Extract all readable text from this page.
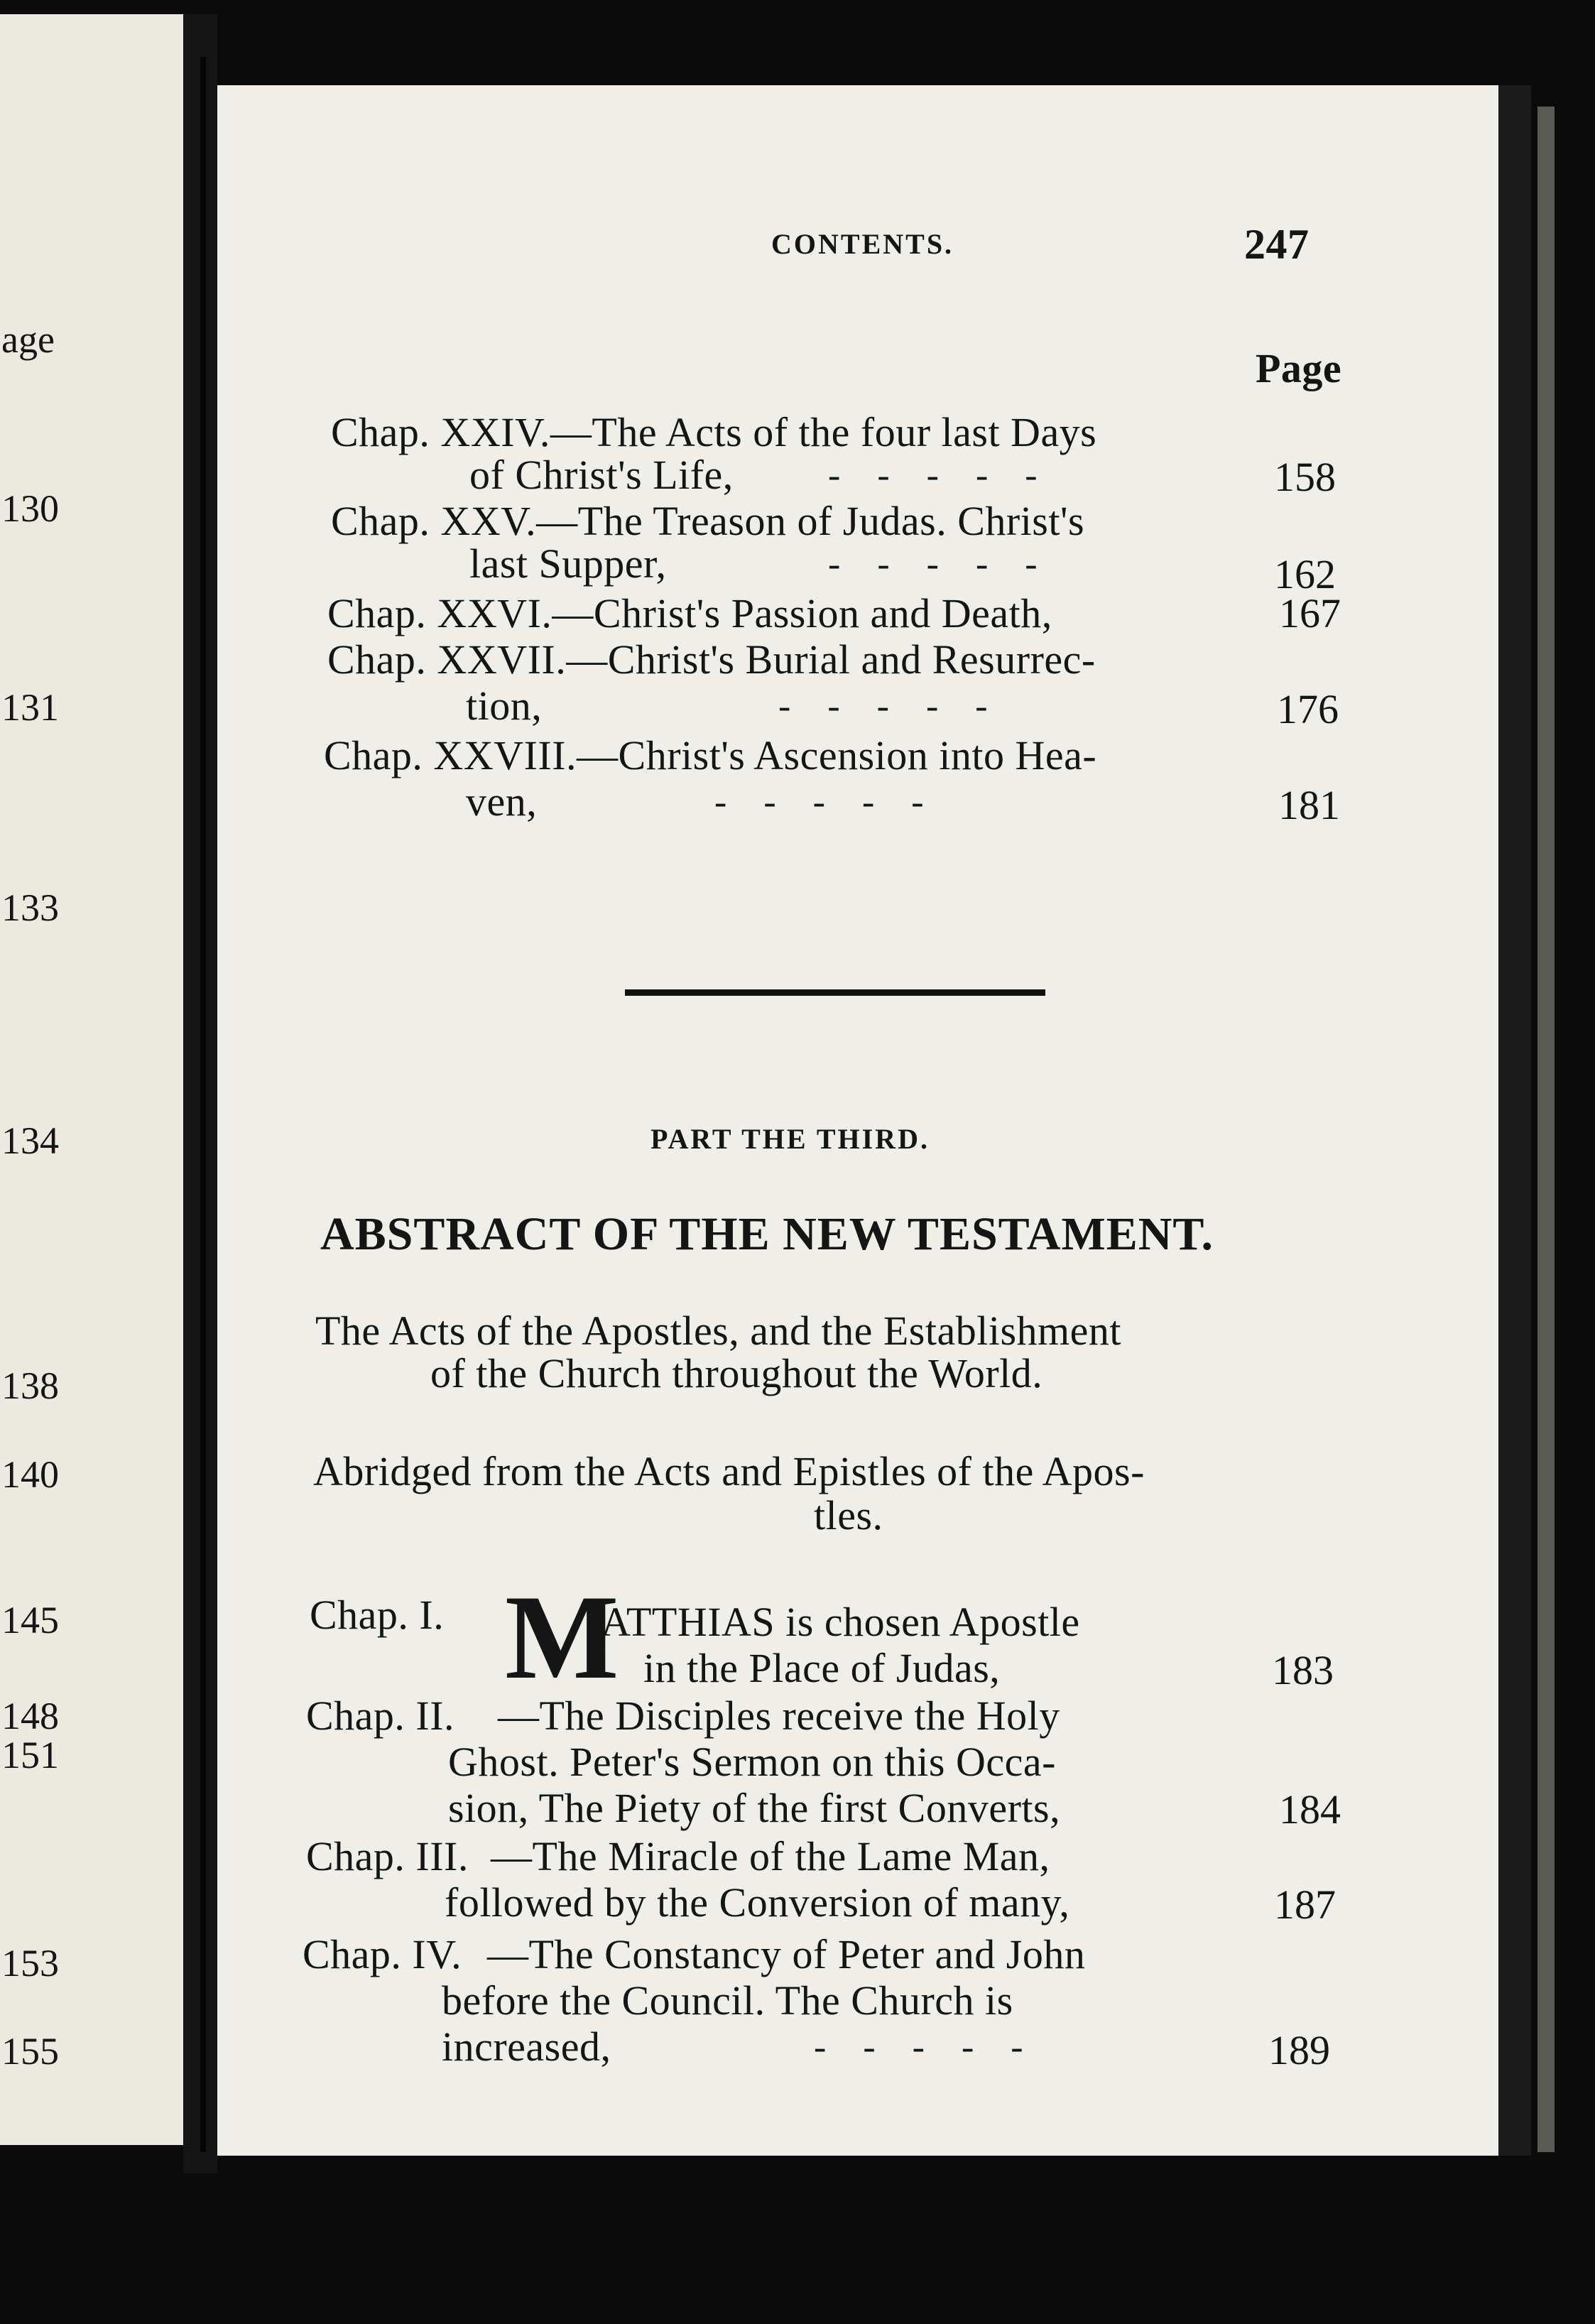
age
130
131
133
134
138
140
145
148
151
153
155
CONTENTS.	247
Page
Chap. XXIV.—The Acts of the four last Days
of Christ's Life,	-    -    -    -    -	158
Chap. XXV.—The Treason of Judas. Christ's
last Supper,	-    -    -    -    -	162
Chap. XXVI.—Christ's Passion and Death,	167
Chap. XXVII.—Christ's Burial and Resurrec-
tion,	-    -    -    -    -	176
Chap. XXVIII.—Christ's Ascension into Hea-
ven,	-    -    -    -    -	181
PART THE THIRD.
ABSTRACT OF THE NEW TESTAMENT.
The Acts of the Apostles, and the Establishment
of the Church throughout the World.
Abridged from the Acts and Epistles of the Apos-
tles.
Chap. I. M
ATTHIAS is chosen Apostle
in the Place of Judas,	183
Chap. II. —The Disciples receive the Holy
Ghost. Peter's Sermon on this Occa-
sion, The Piety of the first Converts,	184
Chap. III. —The Miracle of the Lame Man,
followed by the Conversion of many,	187
Chap. IV. —The Constancy of Peter and John
before the Council. The Church is
increased,	-    -    -    -    -	189
